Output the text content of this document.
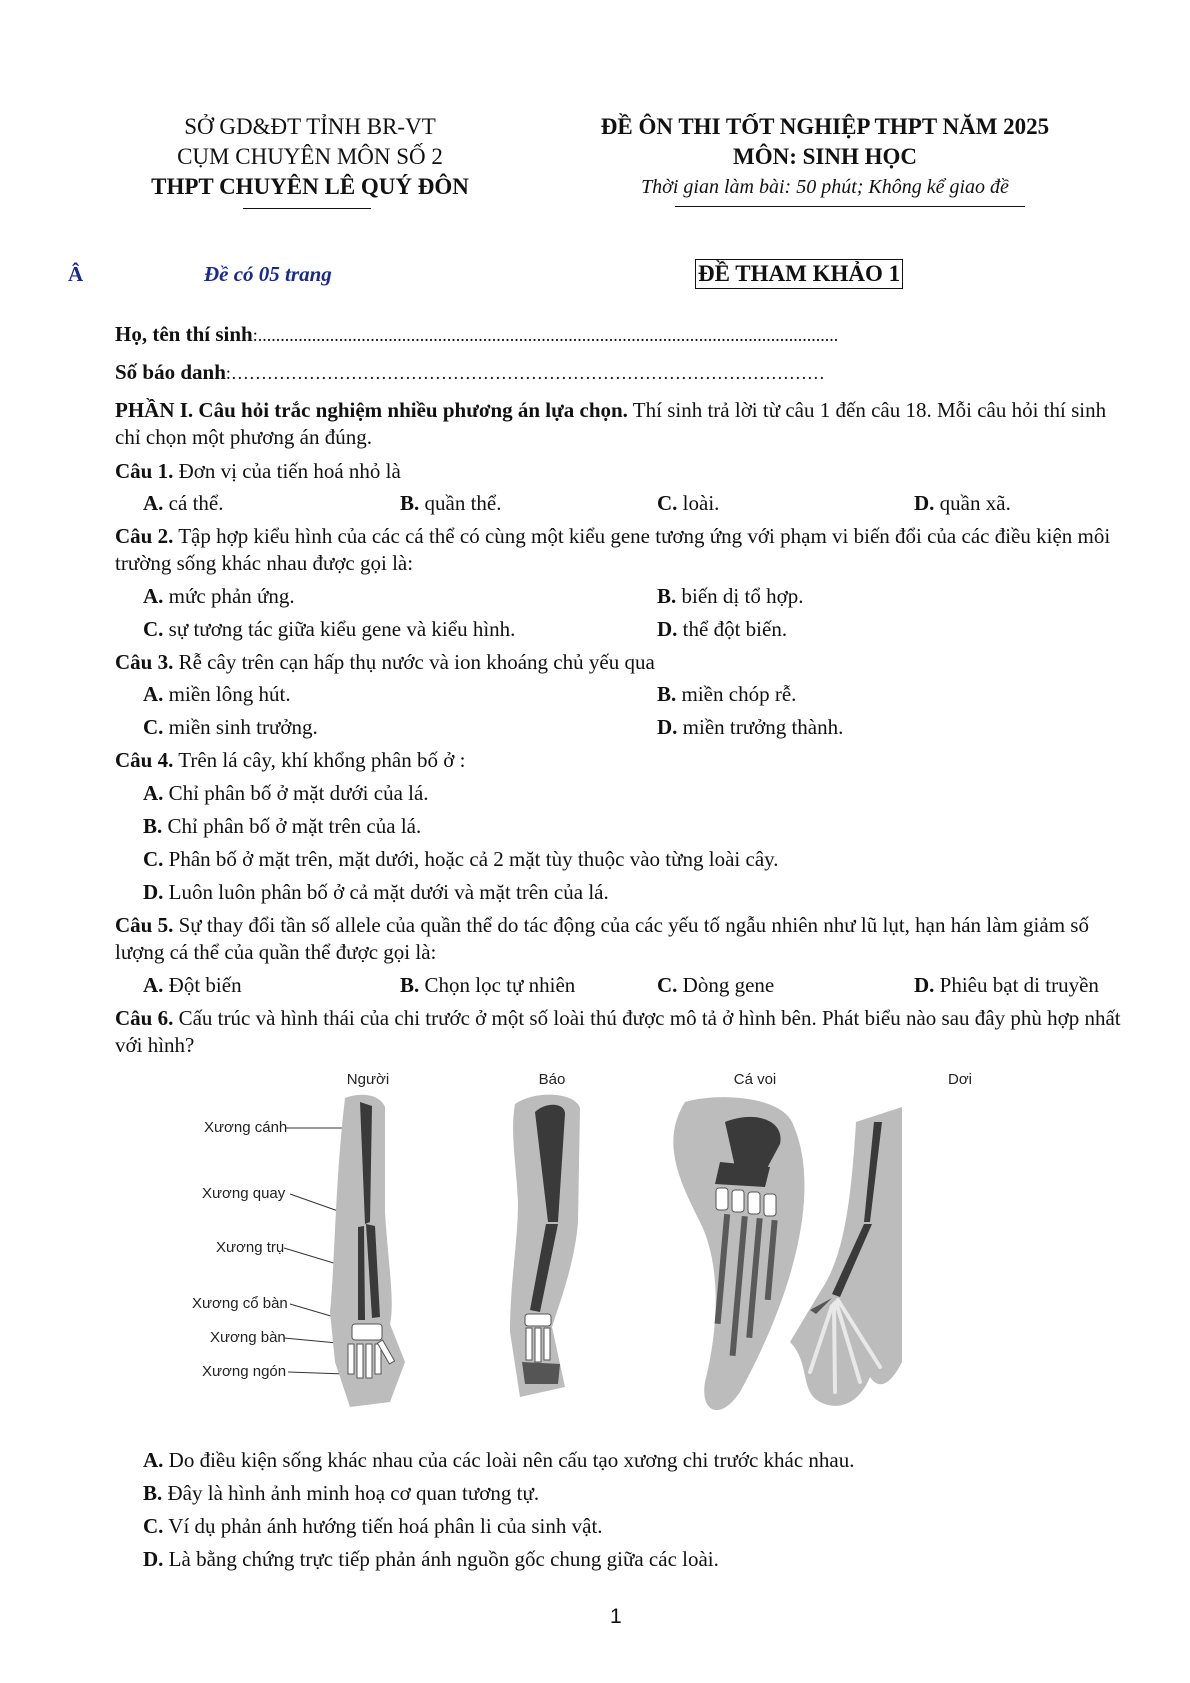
SỞ GD&ĐT TỈNH BR-VT
CỤM CHUYÊN MÔN SỐ 2
THPT CHUYÊN LÊ QUÝ ĐÔN
ĐỀ ÔN THI TỐT NGHIỆP THPT NĂM 2025
MÔN: SINH HỌC
Thời gian làm bài: 50 phút; Không kể giao đề
Â	Đề có 05 trang	ĐỀ THAM KHẢO 1
Họ, tên thí sinh:.................................................................................................................................
Số báo danh:………………………………………………………………………………………
PHẦN I. Câu hỏi trắc nghiệm nhiều phương án lựa chọn. Thí sinh trả lời từ câu 1 đến câu 18. Mỗi câu hỏi thí sinh chỉ chọn một phương án đúng.
Câu 1. Đơn vị của tiến hoá nhỏ là
A. cá thể.	B. quần thể.	C. loài.	D. quần xã.
Câu 2. Tập hợp kiểu hình của các cá thể có cùng một kiểu gene tương ứng với phạm vi biến đổi của các điều kiện môi trường sống khác nhau được gọi là:
A. mức phản ứng.	B. biến dị tổ hợp.
C. sự tương tác giữa kiểu gene và kiểu hình.	D. thể đột biến.
Câu 3. Rễ cây trên cạn hấp thụ nước và ion khoáng chủ yếu qua
A. miền lông hút.	B. miền chóp rễ.
C. miền sinh trưởng.	D. miền trưởng thành.
Câu 4. Trên lá cây, khí khổng phân bố ở :
A. Chỉ phân bố ở mặt dưới của lá.
B. Chỉ phân bố ở mặt trên của lá.
C. Phân bố ở mặt trên, mặt dưới, hoặc cả 2 mặt tùy thuộc vào từng loài cây.
D. Luôn luôn phân bố ở cả mặt dưới và mặt trên của lá.
Câu 5. Sự thay đổi tần số allele của quần thể do tác động của các yếu tố ngẫu nhiên như lũ lụt, hạn hán làm giảm số lượng cá thể của quần thể được gọi là:
A. Đột biến	B. Chọn lọc tự nhiên	C. Dòng gene	D. Phiêu bạt di truyền
Câu 6. Cấu trúc và hình thái của chi trước ở một số loài thú được mô tả ở hình bên. Phát biểu nào sau đây phù hợp nhất với hình?
Người	Báo	Cá voi	Dơi
Xương cánh
Xương quay
Xương trụ
Xương cổ bàn
Xương bàn
Xương ngón
A. Do điều kiện sống khác nhau của các loài nên cấu tạo xương chi trước khác nhau.
B. Đây là hình ảnh minh hoạ cơ quan tương tự.
C. Ví dụ phản ánh hướng tiến hoá phân li của sinh vật.
D. Là bằng chứng trực tiếp phản ánh nguồn gốc chung giữa các loài.
1
